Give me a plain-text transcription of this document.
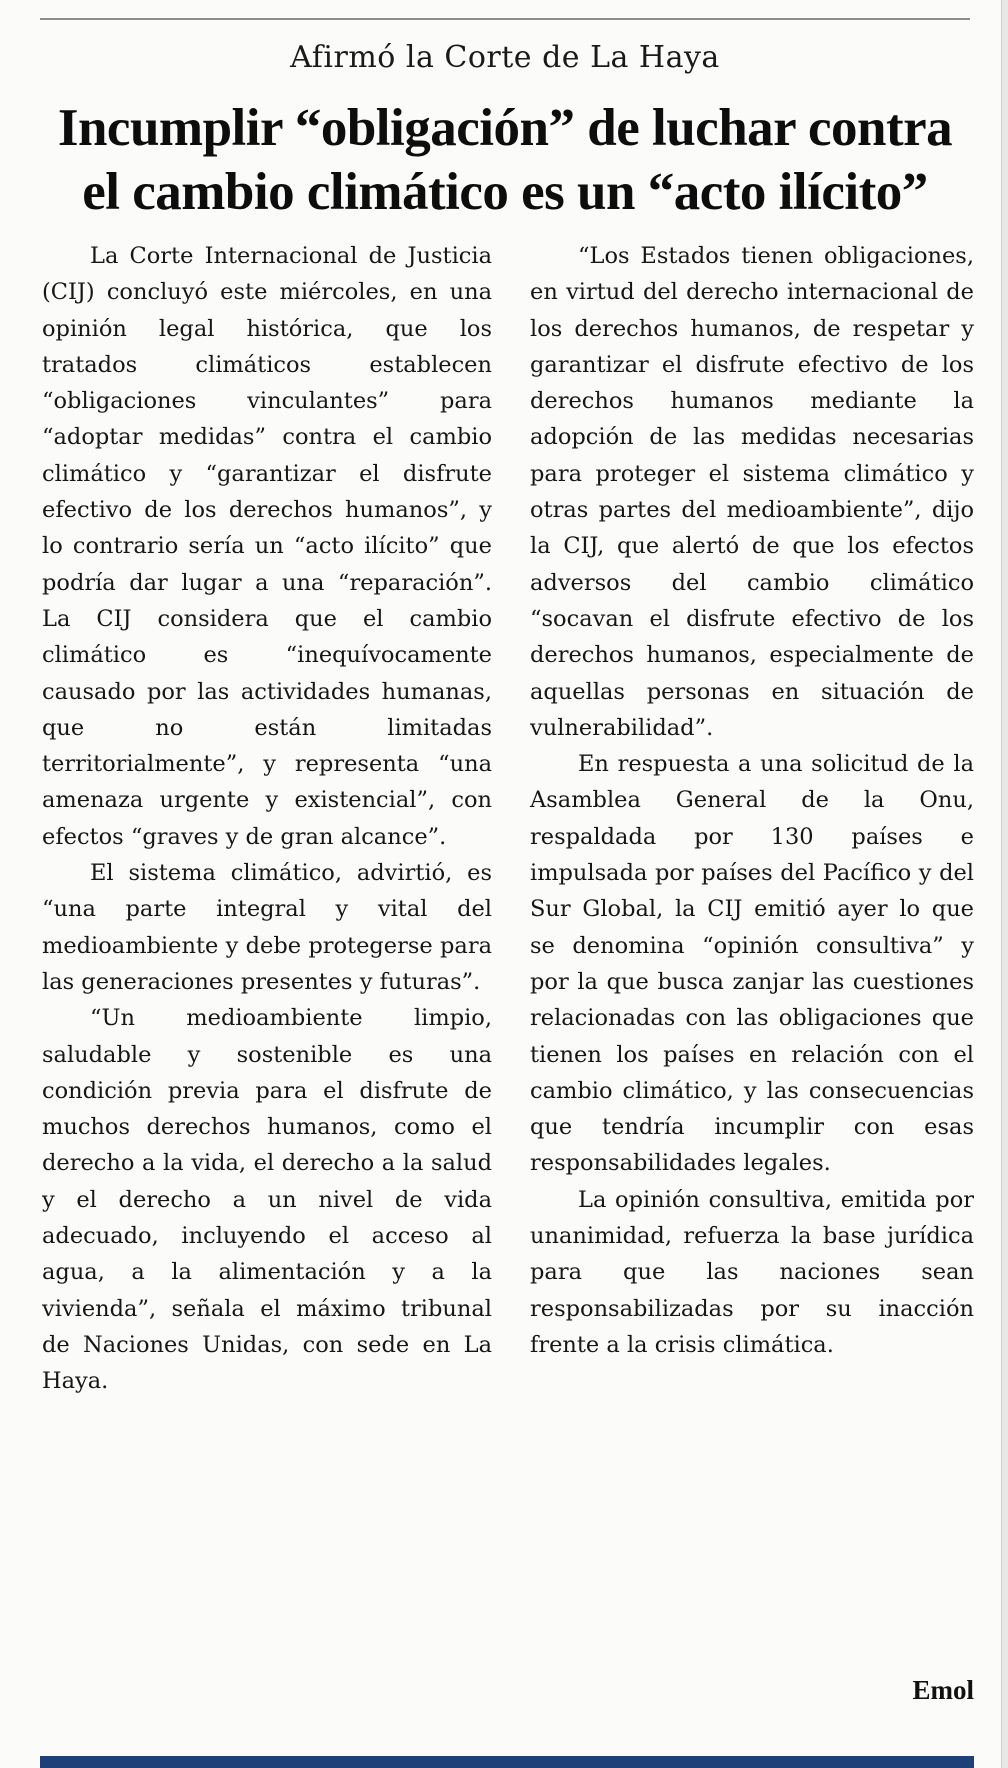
Afirmó la Corte de La Haya
Incumplir “obligación” de luchar contra el cambio climático es un “acto ilícito”

La Corte Internacional de Justicia (CIJ) concluyó este miércoles, en una opinión legal histórica, que los tratados climáticos establecen “obligaciones vinculantes” para “adoptar medidas” contra el cambio climático y “garantizar el disfrute efectivo de los derechos humanos”, y lo contrario sería un “acto ilícito” que podría dar lugar a una “reparación”. La CIJ considera que el cambio climático es “inequívocamente causado por las actividades humanas, que no están limitadas territorialmente”, y representa “una amenaza urgente y existencial”, con efectos “graves y de gran alcance”.

El sistema climático, advirtió, es “una parte integral y vital del medioambiente y debe protegerse para las generaciones presentes y futuras”.

“Un medioambiente limpio, saludable y sostenible es una condición previa para el disfrute de muchos derechos humanos, como el derecho a la vida, el derecho a la salud y el derecho a un nivel de vida adecuado, incluyendo el acceso al agua, a la alimentación y a la vivienda”, señala el máximo tribunal de Naciones Unidas, con sede en La Haya.

“Los Estados tienen obligaciones, en virtud del derecho internacional de los derechos humanos, de respetar y garantizar el disfrute efectivo de los derechos humanos mediante la adopción de las medidas necesarias para proteger el sistema climático y otras partes del medioambiente”, dijo la CIJ, que alertó de que los efectos adversos del cambio climático “socavan el disfrute efectivo de los derechos humanos, especialmente de aquellas personas en situación de vulnerabilidad”.

En respuesta a una solicitud de la Asamblea General de la Onu, respaldada por 130 países e impulsada por países del Pacífico y del Sur Global, la CIJ emitió ayer lo que se denomina “opinión consultiva” y por la que busca zanjar las cuestiones relacionadas con las obligaciones que tienen los países en relación con el cambio climático, y las consecuencias que tendría incumplir con esas responsabilidades legales.

La opinión consultiva, emitida por unanimidad, refuerza la base jurídica para que las naciones sean responsabilizadas por su inacción frente a la crisis climática.

Emol
